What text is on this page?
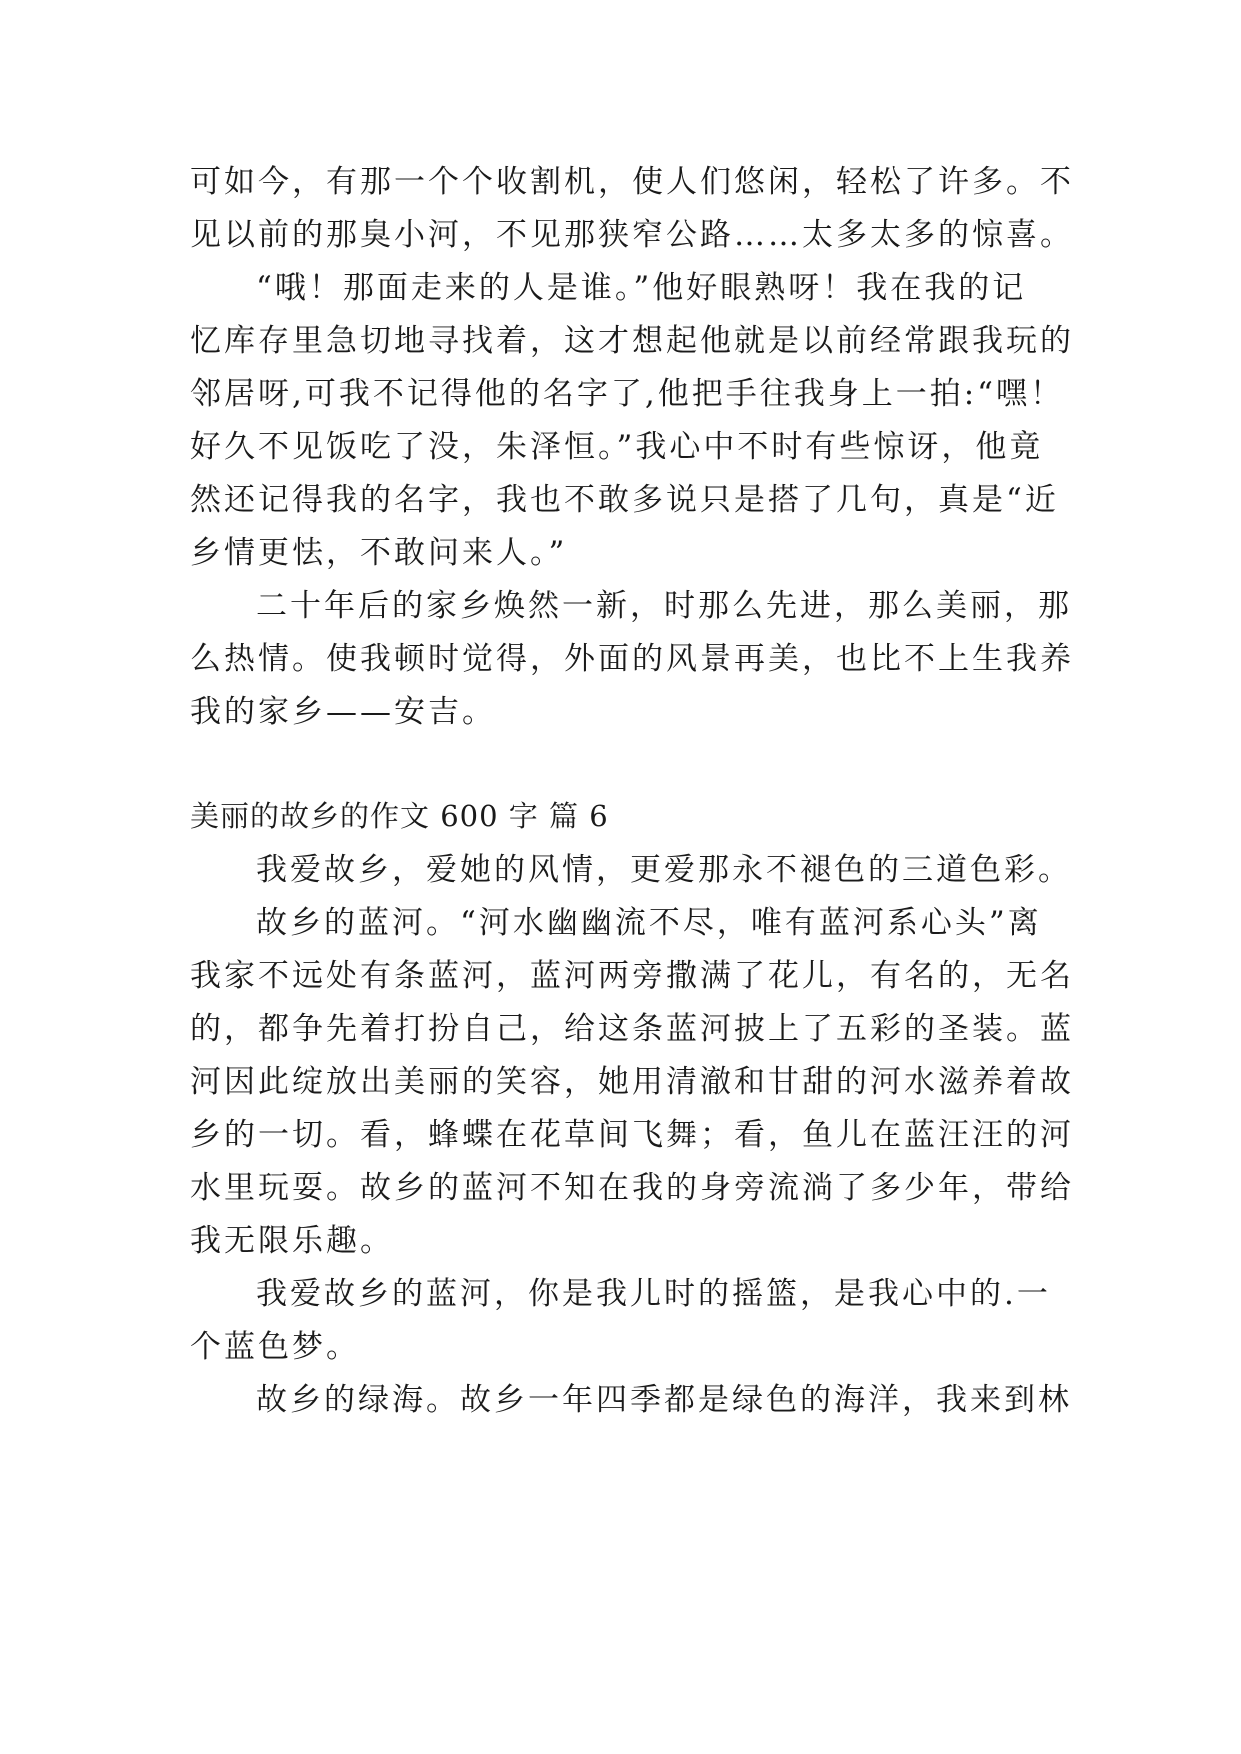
可如今，有那一个个收割机，使人们悠闲，轻松了许多。不
见以前的那臭小河，不见那狭窄公路……太多太多的惊喜。
“哦！那面走来的人是谁。”他好眼熟呀！我在我的记
忆库存里急切地寻找着，这才想起他就是以前经常跟我玩的
邻居呀,可我不记得他的名字了,他把手往我身上一拍:“嘿！
好久不见饭吃了没，朱泽恒。”我心中不时有些惊讶，他竟
然还记得我的名字，我也不敢多说只是搭了几句，真是“近
乡情更怯，不敢问来人。”
二十年后的家乡焕然一新，时那么先进，那么美丽，那
么热情。使我顿时觉得，外面的风景再美，也比不上生我养
我的家乡——安吉。
美丽的故乡的作文 600 字 篇 6
我爱故乡，爱她的风情，更爱那永不褪色的三道色彩。
故乡的蓝河。“河水幽幽流不尽，唯有蓝河系心头”离
我家不远处有条蓝河，蓝河两旁撒满了花儿，有名的，无名
的，都争先着打扮自己，给这条蓝河披上了五彩的圣装。蓝
河因此绽放出美丽的笑容，她用清澈和甘甜的河水滋养着故
乡的一切。看，蜂蝶在花草间飞舞；看，鱼儿在蓝汪汪的河
水里玩耍。故乡的蓝河不知在我的身旁流淌了多少年，带给
我无限乐趣。
我爱故乡的蓝河，你是我儿时的摇篮，是我心中的.一
个蓝色梦。
故乡的绿海。故乡一年四季都是绿色的海洋，我来到林
